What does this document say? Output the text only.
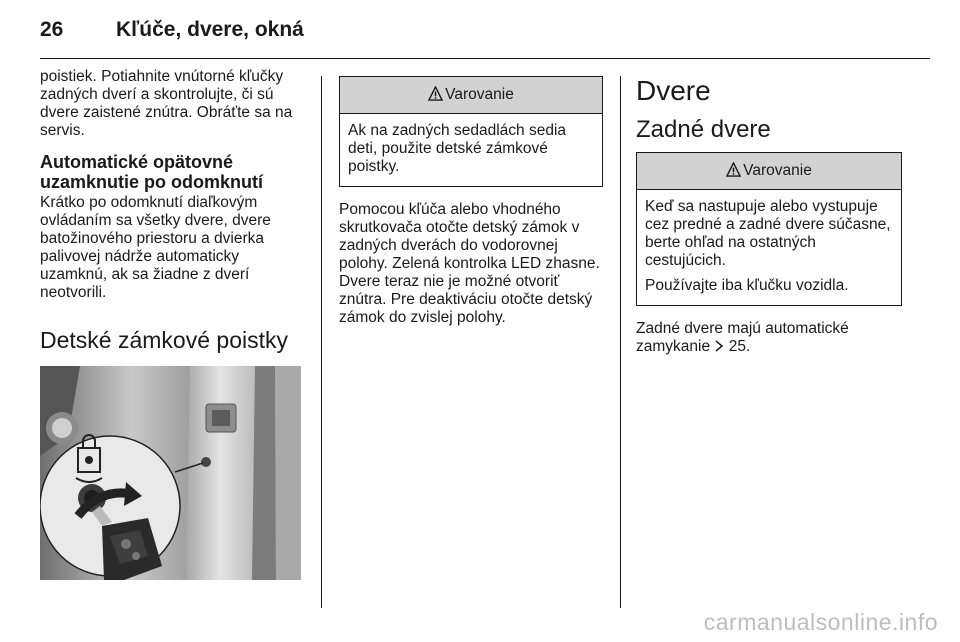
26	Kľúče, dvere, okná

poistiek. Potiahnite vnútorné kľučky zadných dverí a skontrolujte, či sú dvere zaistené znútra. Obráťte sa na servis.

Automatické opätovné uzamknutie po odomknutí

Krátko po odomknutí diaľkovým ovládaním sa všetky dvere, dvere batožinového priestoru a dvierka palivovej nádrže automaticky uzamknú, ak sa žiadne z dverí neotvorili.

Detské zámkové poistky
Varovanie

Ak na zadných sedadlách sedia deti, použite detské zámkové poistky.

Pomocou kľúča alebo vhodného skrutkovača otočte detský zámok v zadných dverách do vodorovnej polohy. Zelená kontrolka LED zhasne. Dvere teraz nie je možné otvoriť znútra. Pre deaktiváciu otočte detský zámok do zvislej polohy.

Dvere
Zadné dvere
Varovanie

Keď sa nastupuje alebo vystupuje cez predné a zadné dvere súčasne, berte ohľad na ostatných cestujúcich.

Používajte iba kľučku vozidla.

Zadné dvere majú automatické zamykanie 25.

carmanualsonline.info
